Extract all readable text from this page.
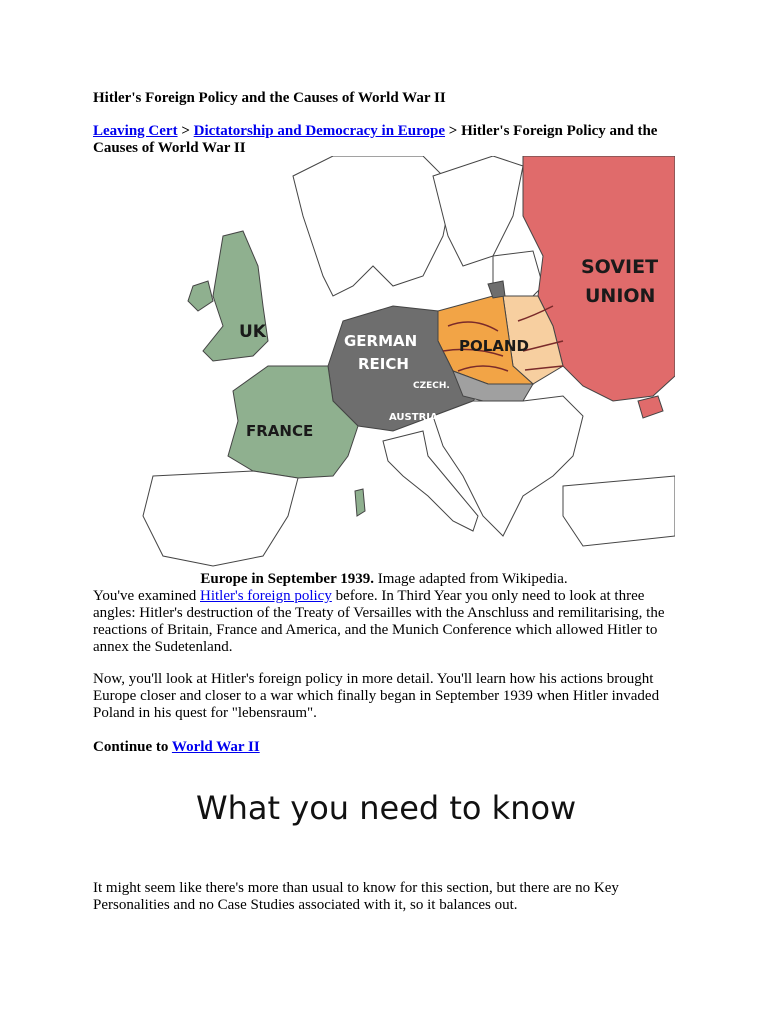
Hitler's Foreign Policy and the Causes of World War II
Leaving Cert > Dictatorship and Democracy in Europe > Hitler's Foreign Policy and the Causes of World War II
SOVIET
UNION
UK	GERMAN
REICH
POLAND
CZECH.
AUSTRIA
FRANCE
Europe in September 1939. Image adapted from Wikipedia.

You've examined Hitler's foreign policy before. In Third Year you only need to look at three angles: Hitler's destruction of the Treaty of Versailles with the Anschluss and remilitarising, the reactions of Britain, France and America, and the Munich Conference which allowed Hitler to annex the Sudetenland.

Now, you'll look at Hitler's foreign policy in more detail. You'll learn how his actions brought Europe closer and closer to a war which finally began in September 1939 when Hitler invaded Poland in his quest for "lebensraum".

Continue to World War II

What you need to know

It might seem like there's more than usual to know for this section, but there are no Key Personalities and no Case Studies associated with it, so it balances out.
